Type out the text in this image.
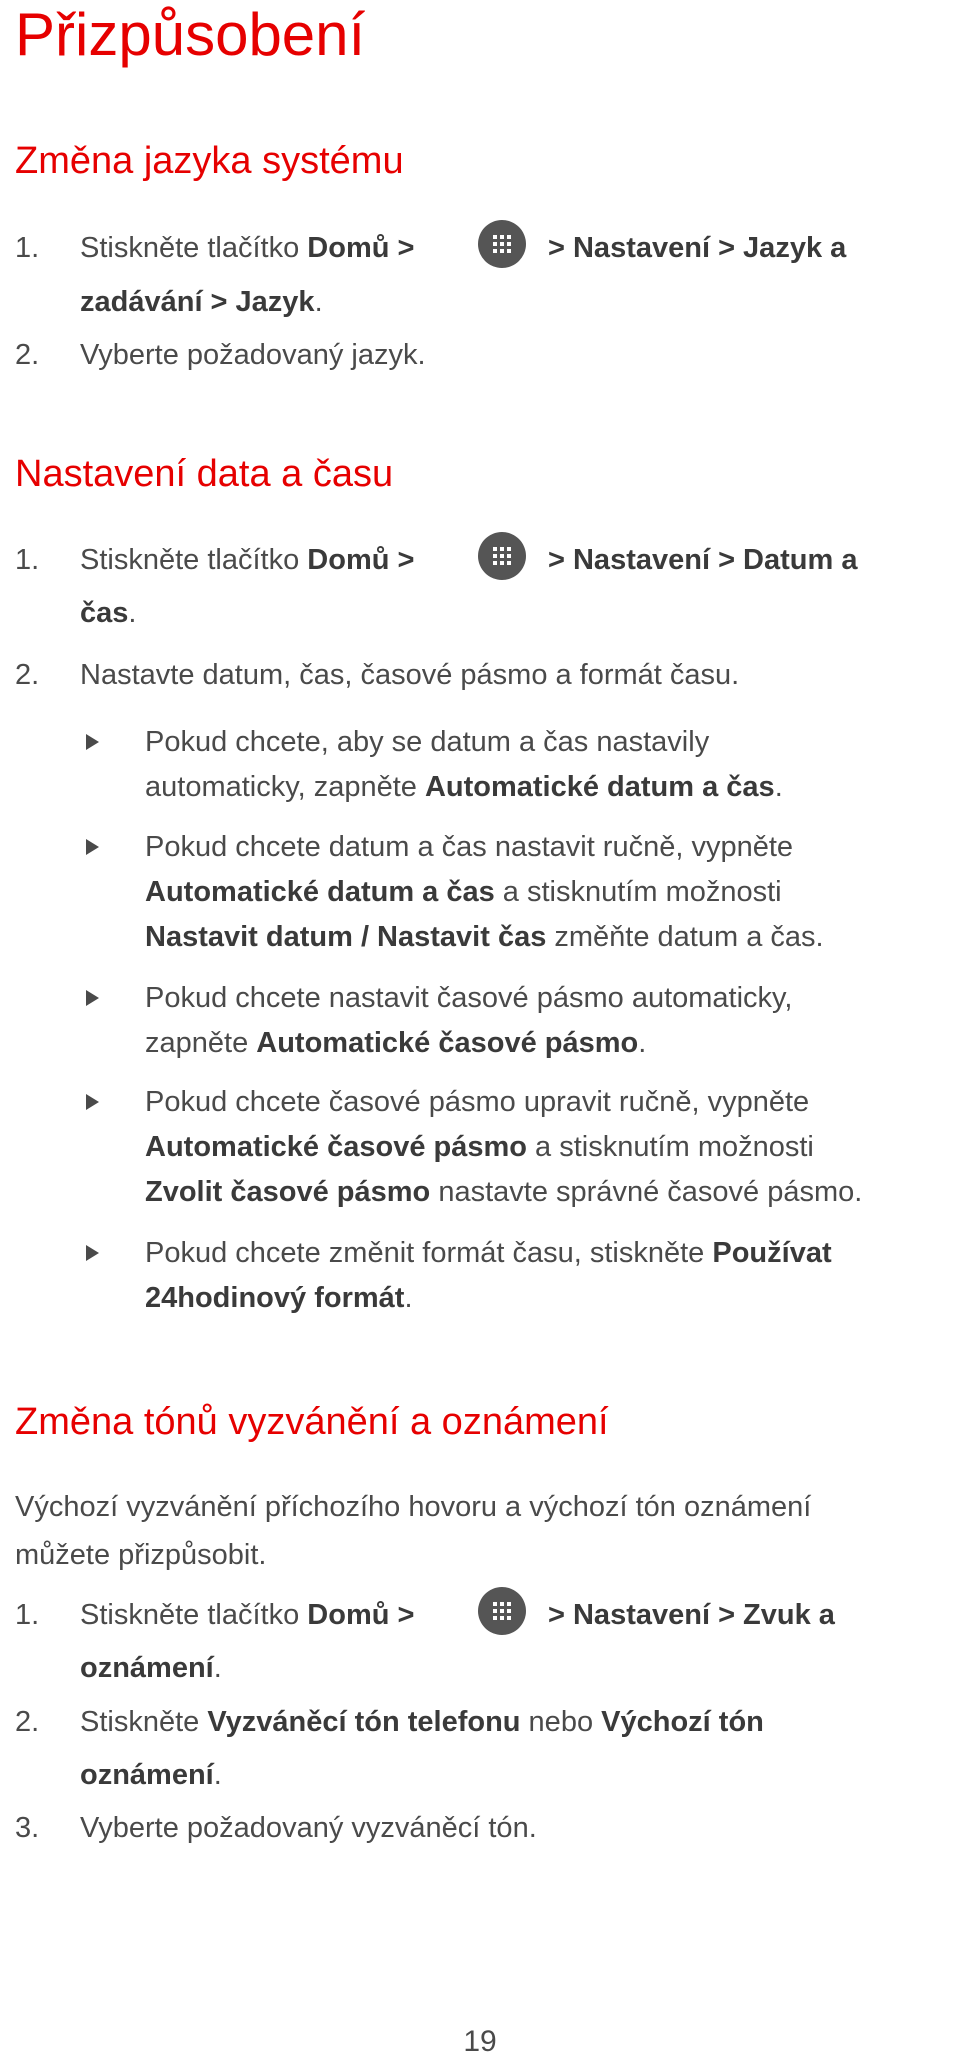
Přizpůsobení
Změna jazyka systému
1. Stiskněte tlačítko Domů >	> Nastavení > Jazyk a
zadávání > Jazyk.
2. Vyberte požadovaný jazyk.
Nastavení data a času
1. Stiskněte tlačítko Domů >	> Nastavení > Datum a
čas.
2. Nastavte datum, čas, časové pásmo a formát času.
Pokud chcete, aby se datum a čas nastavily
automaticky, zapněte Automatické datum a čas.
Pokud chcete datum a čas nastavit ručně, vypněte
Automatické datum a čas a stisknutím možnosti
Nastavit datum / Nastavit čas změňte datum a čas.
Pokud chcete nastavit časové pásmo automaticky,
zapněte Automatické časové pásmo.
Pokud chcete časové pásmo upravit ručně, vypněte
Automatické časové pásmo a stisknutím možnosti
Zvolit časové pásmo nastavte správné časové pásmo.
Pokud chcete změnit formát času, stiskněte Používat
24hodinový formát.
Změna tónů vyzvánění a oznámení
Výchozí vyzvánění příchozího hovoru a výchozí tón oznámení
můžete přizpůsobit.
1. Stiskněte tlačítko Domů >	> Nastavení > Zvuk a
oznámení.
2. Stiskněte Vyzváněcí tón telefonu nebo Výchozí tón
oznámení.
3. Vyberte požadovaný vyzváněcí tón.
19
